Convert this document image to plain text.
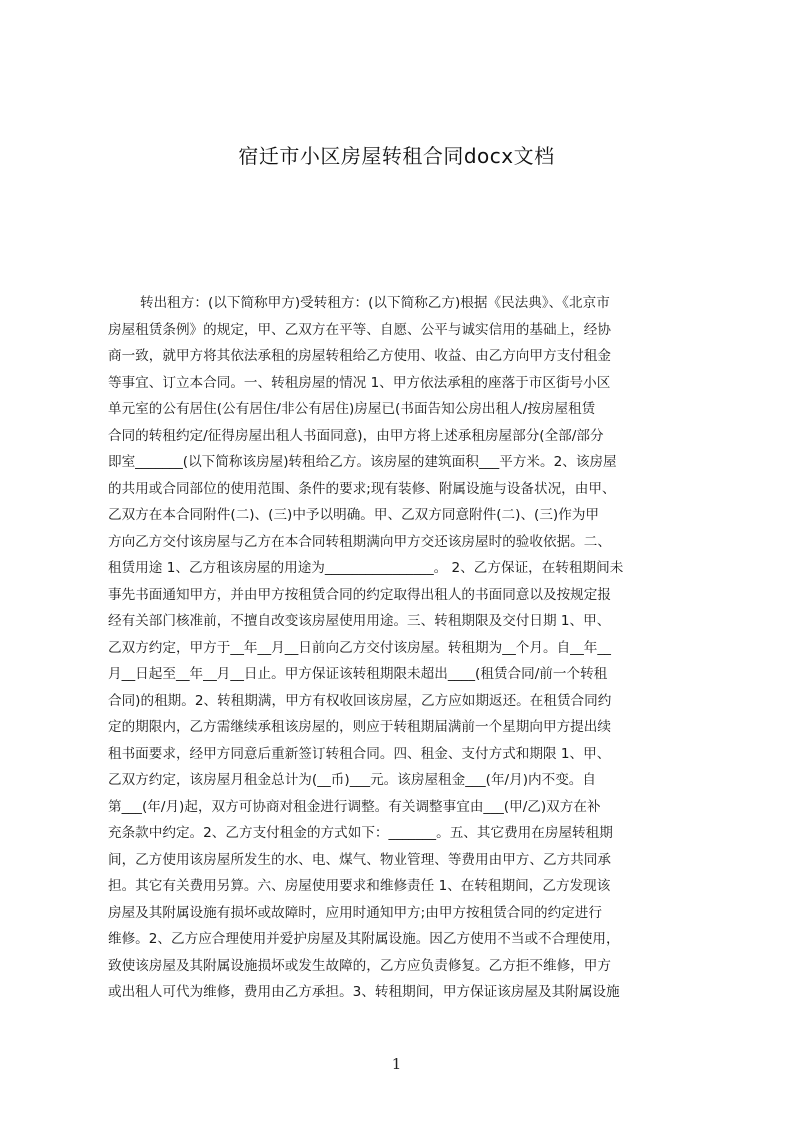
宿迁市小区房屋转租合同docx文档
转出租方：(以下简称甲方)受转租方：(以下简称乙方)根据《民法典》、《北京市
房屋租赁条例》的规定，甲、乙双方在平等、自愿、公平与诚实信用的基础上，经协
商一致，就甲方将其依法承租的房屋转租给乙方使用、收益、由乙方向甲方支付租金
等事宜、订立本合同。一、转租房屋的情况 1、甲方依法承租的座落于市区街号小区
单元室的公有居住(公有居住/非公有居住)房屋已(书面告知公房出租人/按房屋租赁
合同的转租约定/征得房屋出租人书面同意)，由甲方将上述承租房屋部分(全部/部分
即室_______(以下简称该房屋)转租给乙方。该房屋的建筑面积___平方米。2、该房屋
的共用或合同部位的使用范围、条件的要求;现有装修、附属设施与设备状况，由甲、
乙双方在本合同附件(二)、(三)中予以明确。甲、乙双方同意附件(二)、(三)作为甲
方向乙方交付该房屋与乙方在本合同转租期满向甲方交还该房屋时的验收依据。二、
租赁用途 1、乙方租该房屋的用途为________________。 2、乙方保证，在转租期间未
事先书面通知甲方，并由甲方按租赁合同的约定取得出租人的书面同意以及按规定报
经有关部门核准前，不擅自改变该房屋使用用途。三、转租期限及交付日期 1、甲、
乙双方约定，甲方于__年__月__日前向乙方交付该房屋。转租期为__个月。自__年__
月__日起至__年__月__日止。甲方保证该转租期限未超出____(租赁合同/前一个转租
合同)的租期。2、转租期满，甲方有权收回该房屋，乙方应如期返还。在租赁合同约
定的期限内，乙方需继续承租该房屋的，则应于转租期届满前一个星期向甲方提出续
租书面要求，经甲方同意后重新签订转租合同。四、租金、支付方式和期限 1、甲、
乙双方约定，该房屋月租金总计为(__币)___元。该房屋租金___(年/月)内不变。自
第___(年/月)起，双方可协商对租金进行调整。有关调整事宜由___(甲/乙)双方在补
充条款中约定。2、乙方支付租金的方式如下：_______。五、其它费用在房屋转租期
间，乙方使用该房屋所发生的水、电、煤气、物业管理、等费用由甲方、乙方共同承
担。其它有关费用另算。六、房屋使用要求和维修责任 1、在转租期间，乙方发现该
房屋及其附属设施有损坏或故障时，应用时通知甲方;由甲方按租赁合同的约定进行
维修。2、乙方应合理使用并爱护房屋及其附属设施。因乙方使用不当或不合理使用，
致使该房屋及其附属设施损坏或发生故障的，乙方应负责修复。乙方拒不维修，甲方
或出租人可代为维修，费用由乙方承担。3、转租期间，甲方保证该房屋及其附属设施
1
